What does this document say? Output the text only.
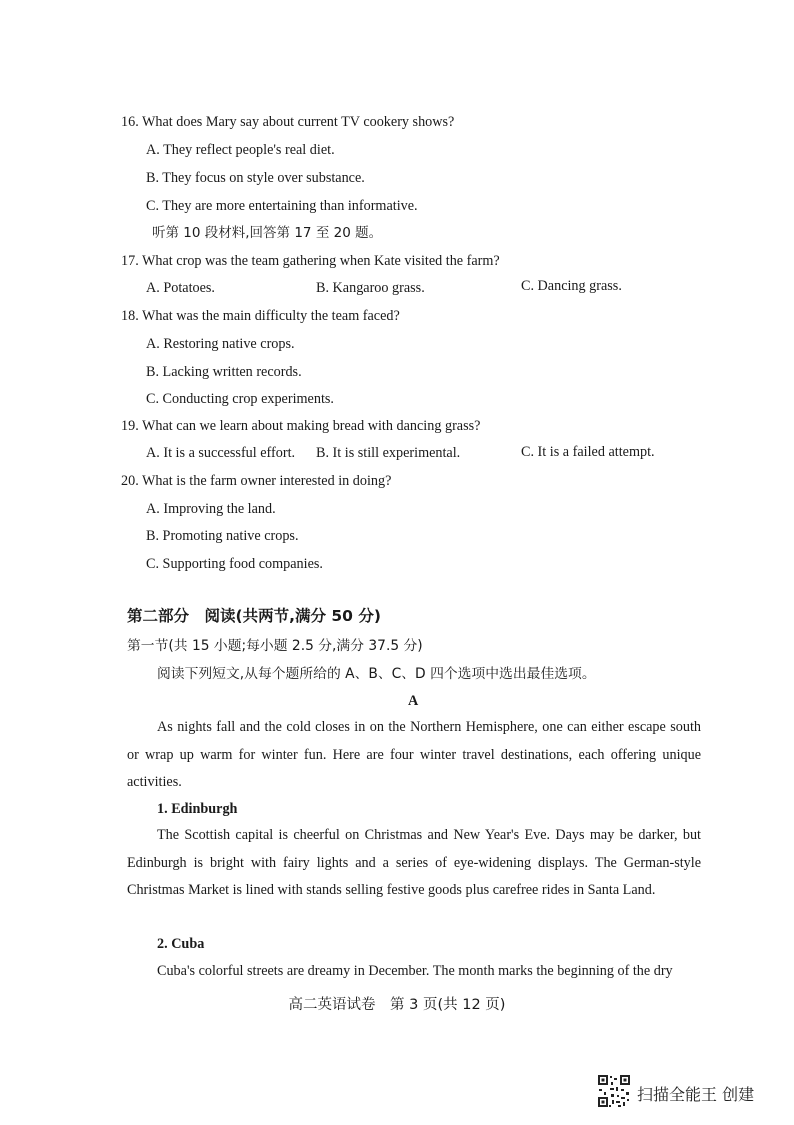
16. What does Mary say about current TV cookery shows?
A. They reflect people's real diet.
B. They focus on style over substance.
C. They are more entertaining than informative.
听第 10 段材料,回答第 17 至 20 题。
17. What crop was the team gathering when Kate visited the farm?
A. Potatoes.	B. Kangaroo grass.	C. Dancing grass.
18. What was the main difficulty the team faced?
A. Restoring native crops.
B. Lacking written records.
C. Conducting crop experiments.
19. What can we learn about making bread with dancing grass?
A. It is a successful effort. B. It is still experimental.	C. It is a failed attempt.
20. What is the farm owner interested in doing?
A. Improving the land.
B. Promoting native crops.
C. Supporting food companies.
第二部分　阅读(共两节,满分 50 分)
第一节(共 15 小题;每小题 2.5 分,满分 37.5 分)
阅读下列短文,从每个题所给的 A、B、C、D 四个选项中选出最佳选项。
A
As nights fall and the cold closes in on the Northern Hemisphere, one can either escape south or wrap up warm for winter fun. Here are four winter travel destinations, each offering unique activities.
1. Edinburgh
The Scottish capital is cheerful on Christmas and New Year's Eve. Days may be darker, but Edinburgh is bright with fairy lights and a series of eye-widening displays. The German-style Christmas Market is lined with stands selling festive goods plus carefree rides in Santa Land.
2. Cuba
Cuba's colorful streets are dreamy in December. The month marks the beginning of the dry
高二英语试卷　第 3 页(共 12 页)
扫描全能王 创建
